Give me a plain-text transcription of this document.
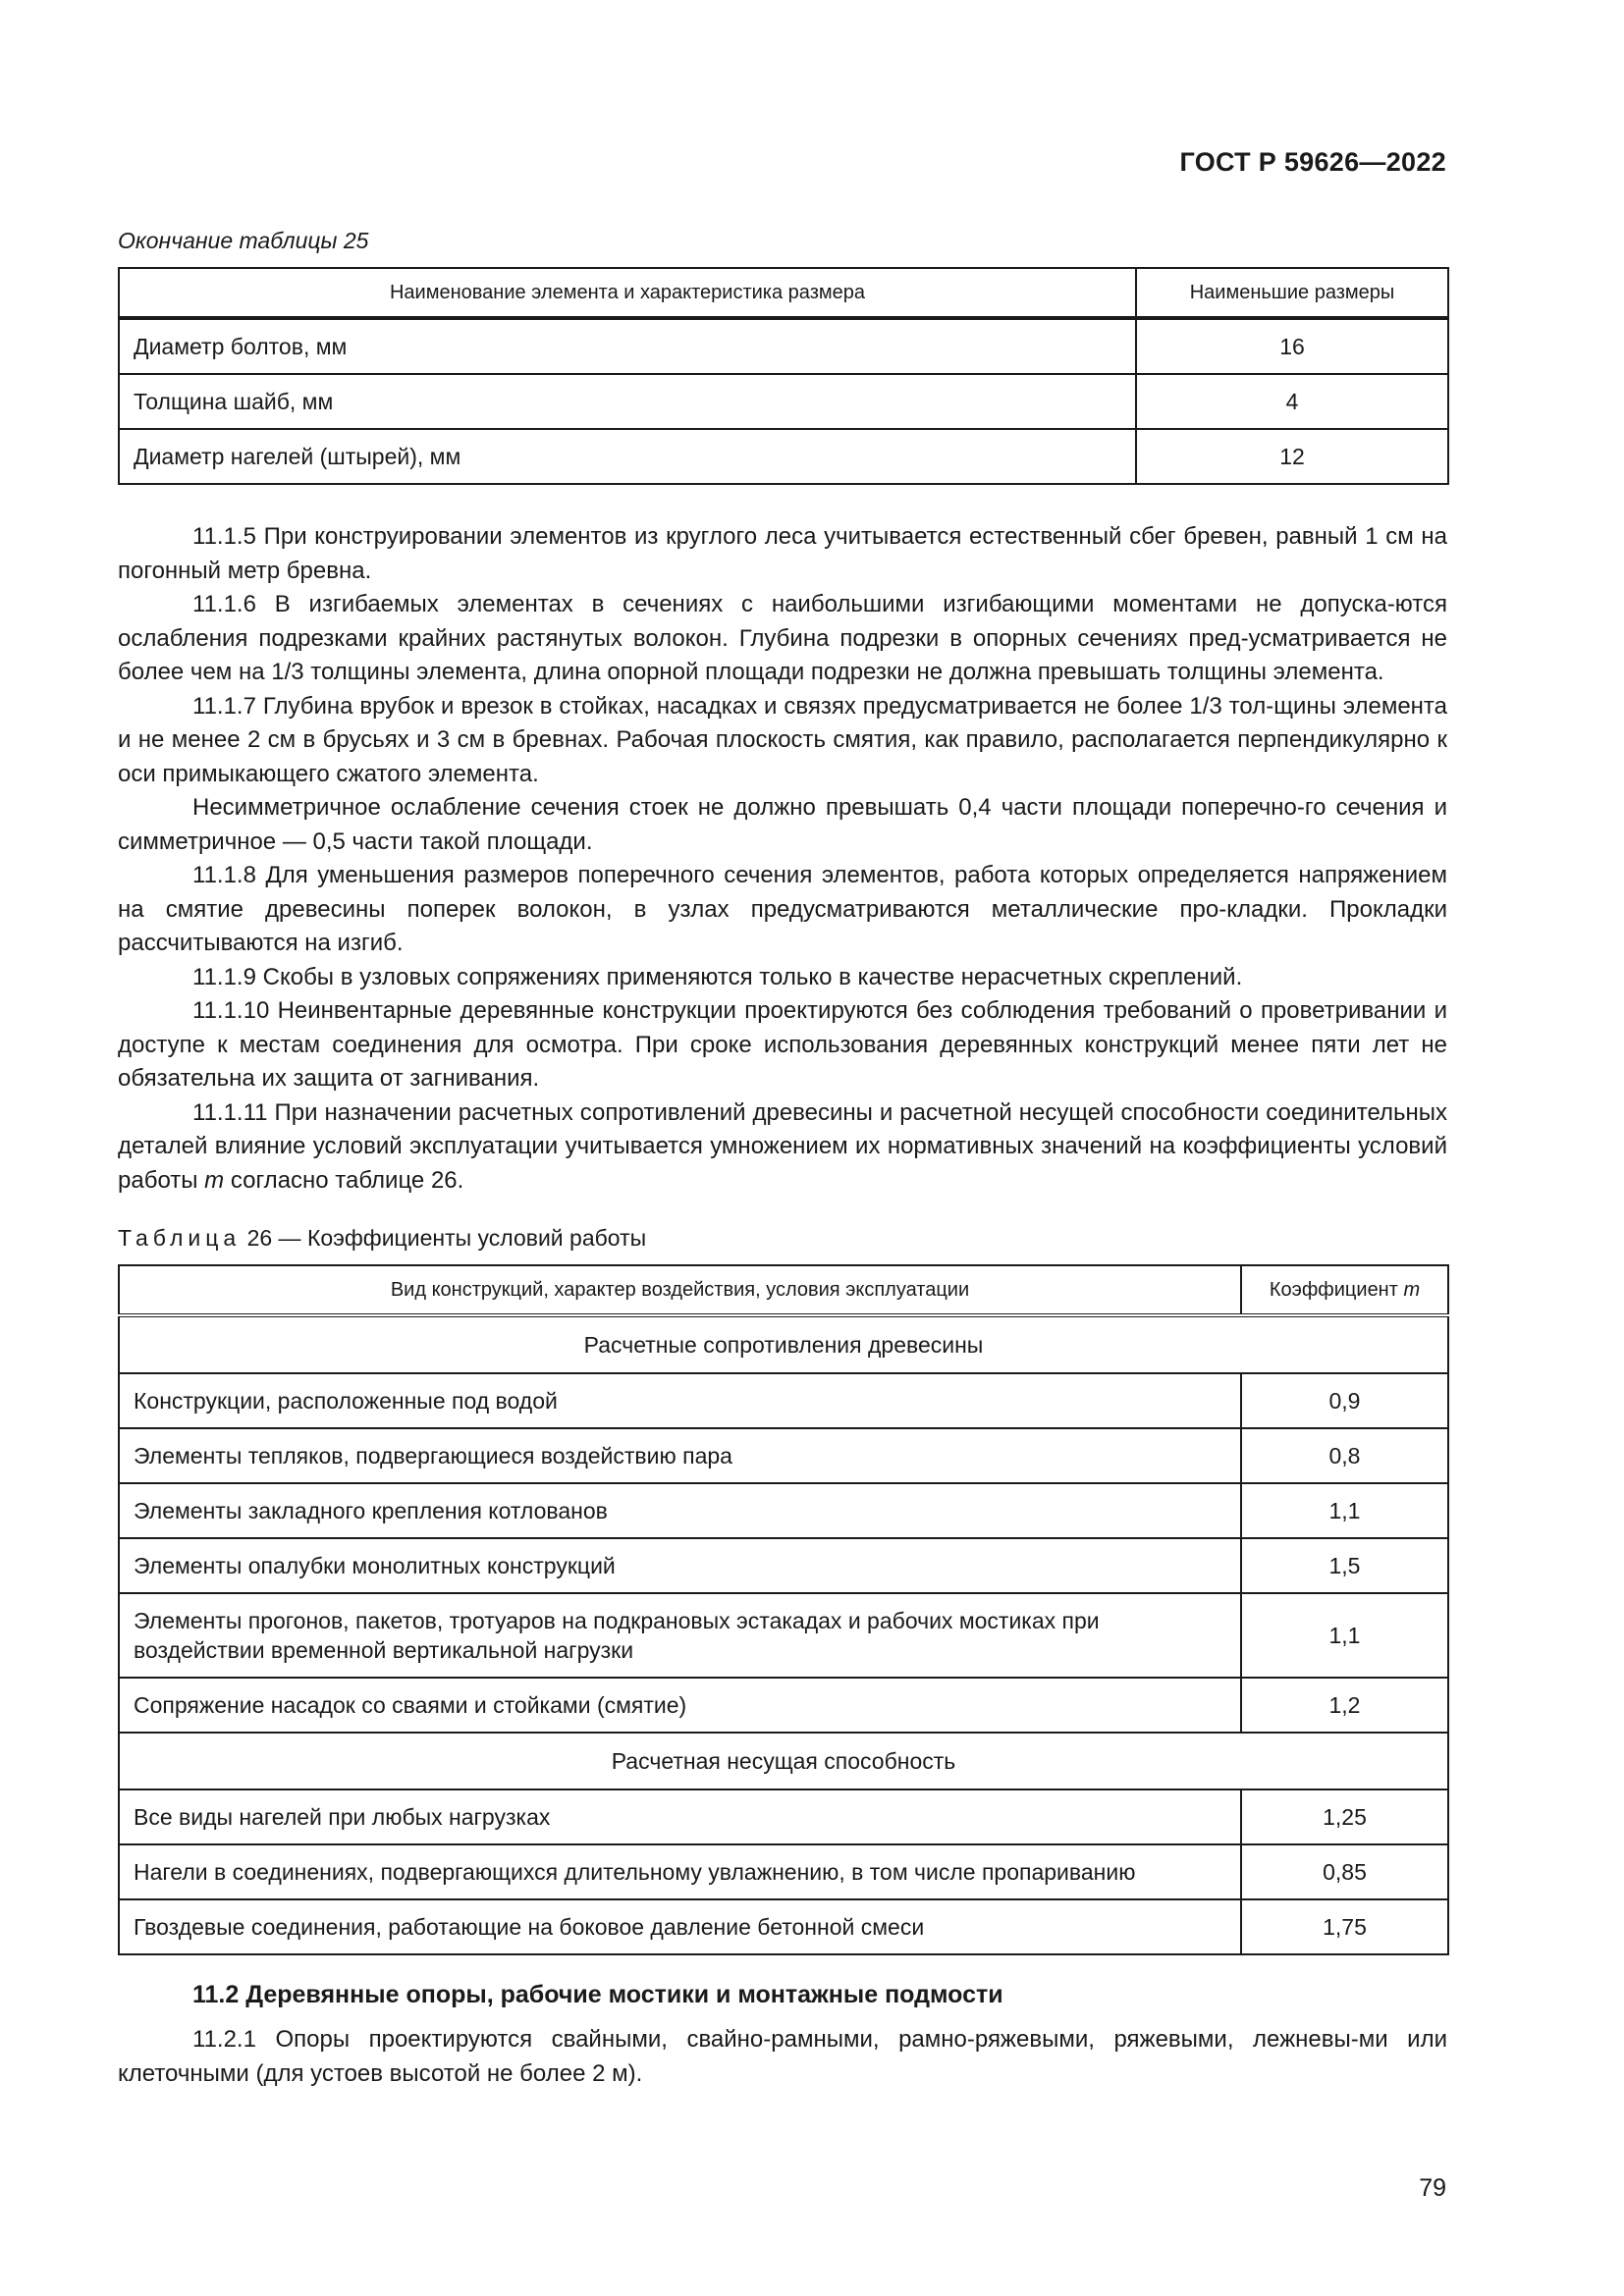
ГОСТ Р 59626—2022

Окончание таблицы 25

Наименование элемента и характеристика размера	Наименьшие размеры
Диаметр болтов, мм	16
Толщина шайб, мм	4
Диаметр нагелей (штырей), мм	12

11.1.5 При конструировании элементов из круглого леса учитывается естественный сбег бревен, равный 1 см на погонный метр бревна.

11.1.6 В изгибаемых элементах в сечениях с наибольшими изгибающими моментами не допуска-ются ослабления подрезками крайних растянутых волокон. Глубина подрезки в опорных сечениях пред-усматривается не более чем на 1/3 толщины элемента, длина опорной площади подрезки не должна превышать толщины элемента.

11.1.7 Глубина врубок и врезок в стойках, насадках и связях предусматривается не более 1/3 тол-щины элемента и не менее 2 см в брусьях и 3 см в бревнах. Рабочая плоскость смятия, как правило, располагается перпендикулярно к оси примыкающего сжатого элемента.

Несимметричное ослабление сечения стоек не должно превышать 0,4 части площади поперечно-го сечения и симметричное — 0,5 части такой площади.

11.1.8 Для уменьшения размеров поперечного сечения элементов, работа которых определяется напряжением на смятие древесины поперек волокон, в узлах предусматриваются металлические про-кладки. Прокладки рассчитываются на изгиб.

11.1.9 Скобы в узловых сопряжениях применяются только в качестве нерасчетных скреплений.

11.1.10 Неинвентарные деревянные конструкции проектируются без соблюдения требований о проветривании и доступе к местам соединения для осмотра. При сроке использования деревянных конструкций менее пяти лет не обязательна их защита от загнивания.

11.1.11 При назначении расчетных сопротивлений древесины и расчетной несущей способности соединительных деталей влияние условий эксплуатации учитывается умножением их нормативных значений на коэффициенты условий работы m согласно таблице 26.

Таблица 26 — Коэффициенты условий работы

Вид конструкций, характер воздействия, условия эксплуатации	Коэффициент m
Расчетные сопротивления древесины	
Конструкции, расположенные под водой	0,9
Элементы тепляков, подвергающиеся воздействию пара	0,8
Элементы закладного крепления котлованов	1,1
Элементы опалубки монолитных конструкций	1,5
Элементы прогонов, пакетов, тротуаров на подкрановых эстакадах и рабочих мостиках при воздействии временной вертикальной нагрузки	1,1
Сопряжение насадок со сваями и стойками (смятие)	1,2
Расчетная несущая способность	
Все виды нагелей при любых нагрузках	1,25
Нагели в соединениях, подвергающихся длительному увлажнению, в том числе пропариванию	0,85
Гвоздевые соединения, работающие на боковое давление бетонной смеси	1,75
11.2 Деревянные опоры, рабочие мостики и монтажные подмости

11.2.1 Опоры проектируются свайными, свайно-рамными, рамно-ряжевыми, ряжевыми, лежневы-ми или клеточными (для устоев высотой не более 2 м).

79
